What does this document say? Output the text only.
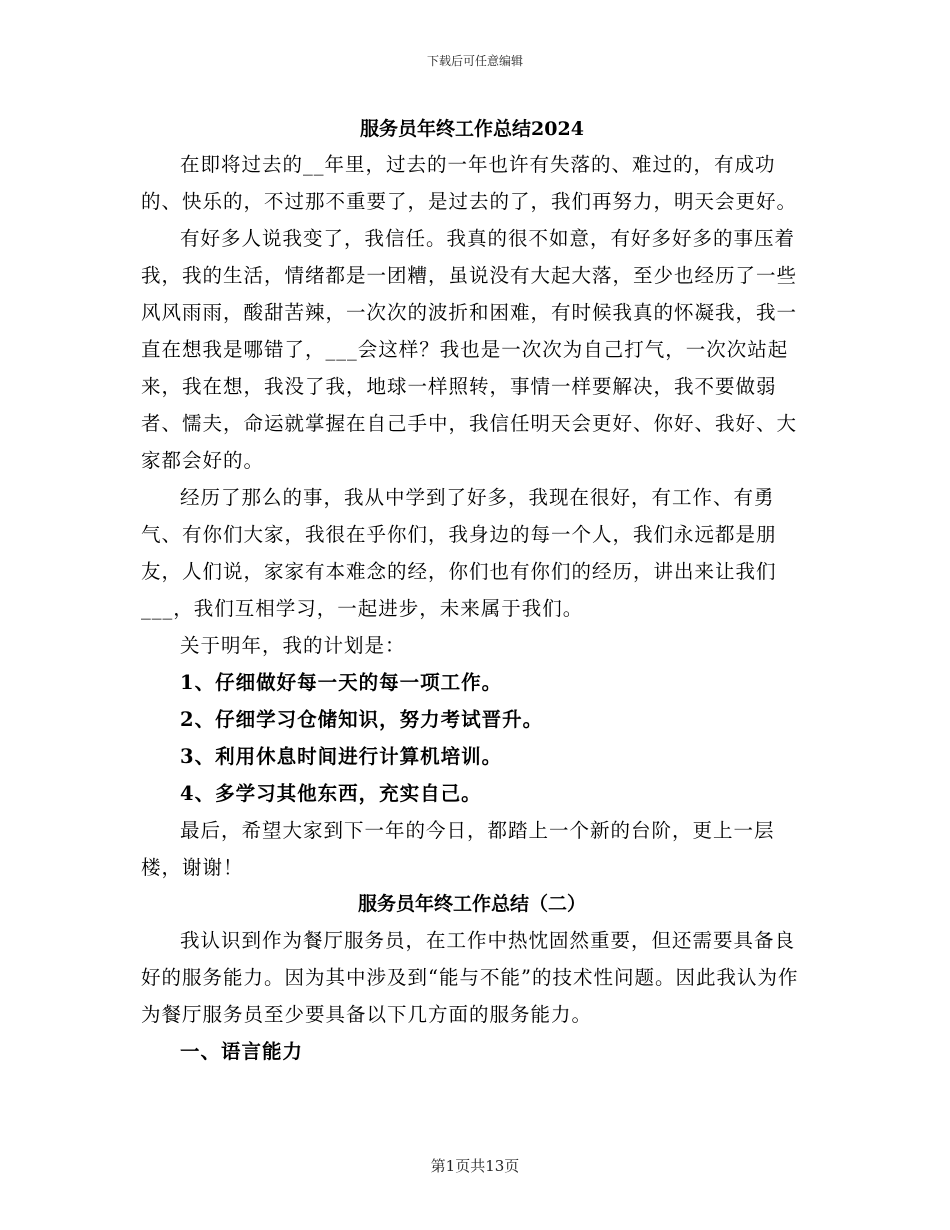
下载后可任意编辑
服务员年终工作总结2024

在即将过去的__年里，过去的一年也许有失落的、难过的，有成功的、快乐的，不过那不重要了，是过去的了，我们再努力，明天会更好。

有好多人说我变了，我信任。我真的很不如意，有好多好多的事压着我，我的生活，情绪都是一团糟，虽说没有大起大落，至少也经历了一些风风雨雨，酸甜苦辣，一次次的波折和困难，有时候我真的怀凝我，我一直在想我是哪错了，___会这样？我也是一次次为自己打气，一次次站起来，我在想，我没了我，地球一样照转，事情一样要解决，我不要做弱者、懦夫，命运就掌握在自己手中，我信任明天会更好、你好、我好、大家都会好的。

经历了那么的事，我从中学到了好多，我现在很好，有工作、有勇气、有你们大家，我很在乎你们，我身边的每一个人，我们永远都是朋友，人们说，家家有本难念的经，你们也有你们的经历，讲出来让我们___，我们互相学习，一起进步，未来属于我们。

关于明年，我的计划是：

1、仔细做好每一天的每一项工作。

2、仔细学习仓储知识，努力考试晋升。

3、利用休息时间进行计算机培训。

4、多学习其他东西，充实自己。

最后，希望大家到下一年的今日，都踏上一个新的台阶，更上一层楼，谢谢！

服务员年终工作总结（二）

我认识到作为餐厅服务员，在工作中热忱固然重要，但还需要具备良好的服务能力。因为其中涉及到“能与不能”的技术性问题。因此我认为作为餐厅服务员至少要具备以下几方面的服务能力。

一、语言能力

第1页共13页
